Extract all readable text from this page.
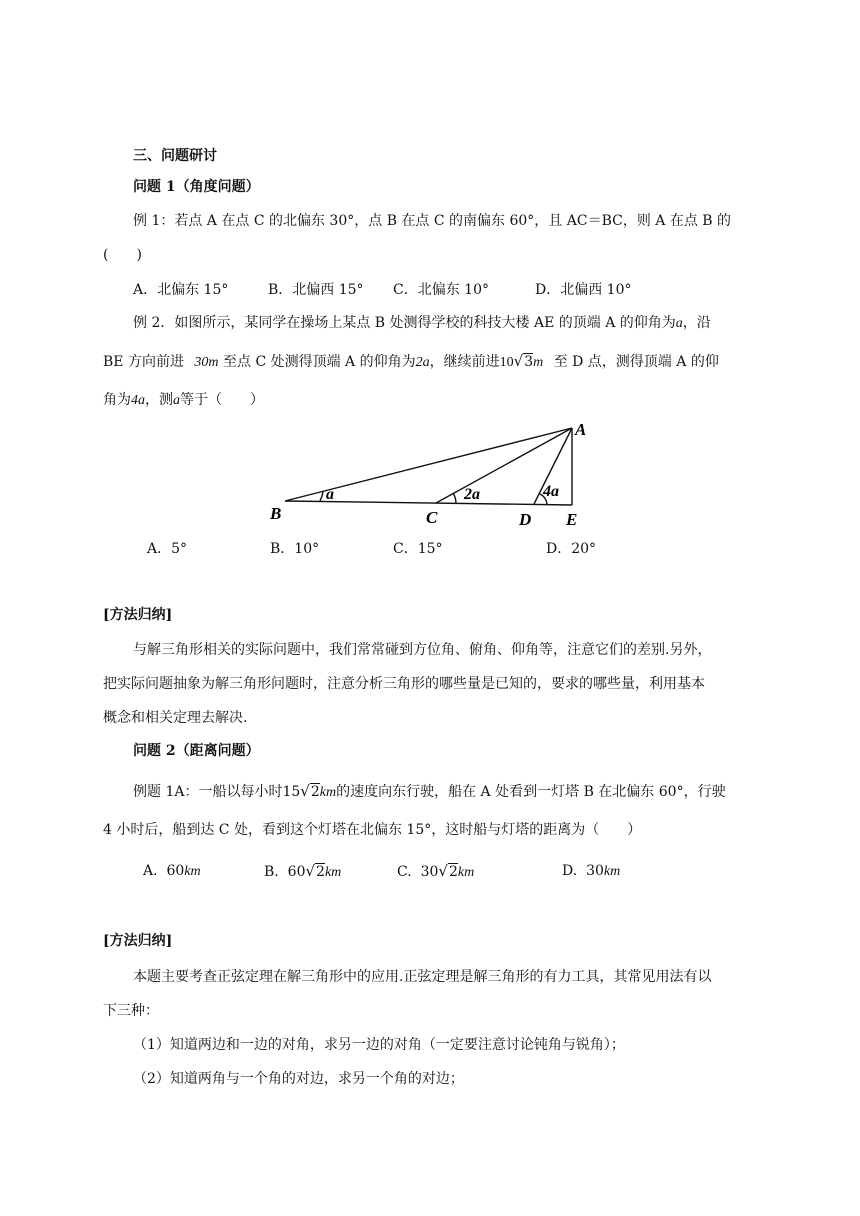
三、问题研讨
问题 1（角度问题）
例 1：若点 A 在点 C 的北偏东 30°，点 B 在点 C 的南偏东 60°，且 AC＝BC，则 A 在点 B 的
(　　)
A．北偏东 15°	B．北偏西 15° C．北偏东 10°	D．北偏西 10°
例 2．如图所示，某同学在操场上某点 B 处测得学校的科技大楼 AE 的顶端 A 的仰角为a，沿
BE 方向前进 30m 至点 C 处测得顶端 A 的仰角为2a，继续前进10√3m 至 D 点，测得顶端 A 的仰
角为4a，测a等于（　　）
A
B	C	D E
a	2a	4a
A．5°	B．10°	C．15°	D．20°
[方法归纳]
与解三角形相关的实际问题中，我们常常碰到方位角、俯角、仰角等，注意它们的差别.另外，
把实际问题抽象为解三角形问题时，注意分析三角形的哪些量是已知的，要求的哪些量，利用基本
概念和相关定理去解决.
问题 2（距离问题）
例题 1A：一船以每小时15√2km的速度向东行驶，船在 A 处看到一灯塔 B 在北偏东 60°，行驶
4 小时后，船到达 C 处，看到这个灯塔在北偏东 15°，这时船与灯塔的距离为（　　）
A. 60km	B. 60√2km	C. 30√2km	D. 30km
[方法归纳]
本题主要考查正弦定理在解三角形中的应用.正弦定理是解三角形的有力工具，其常见用法有以
下三种：
（1）知道两边和一边的对角，求另一边的对角（一定要注意讨论钝角与锐角）；
（2）知道两角与一个角的对边，求另一个角的对边；
